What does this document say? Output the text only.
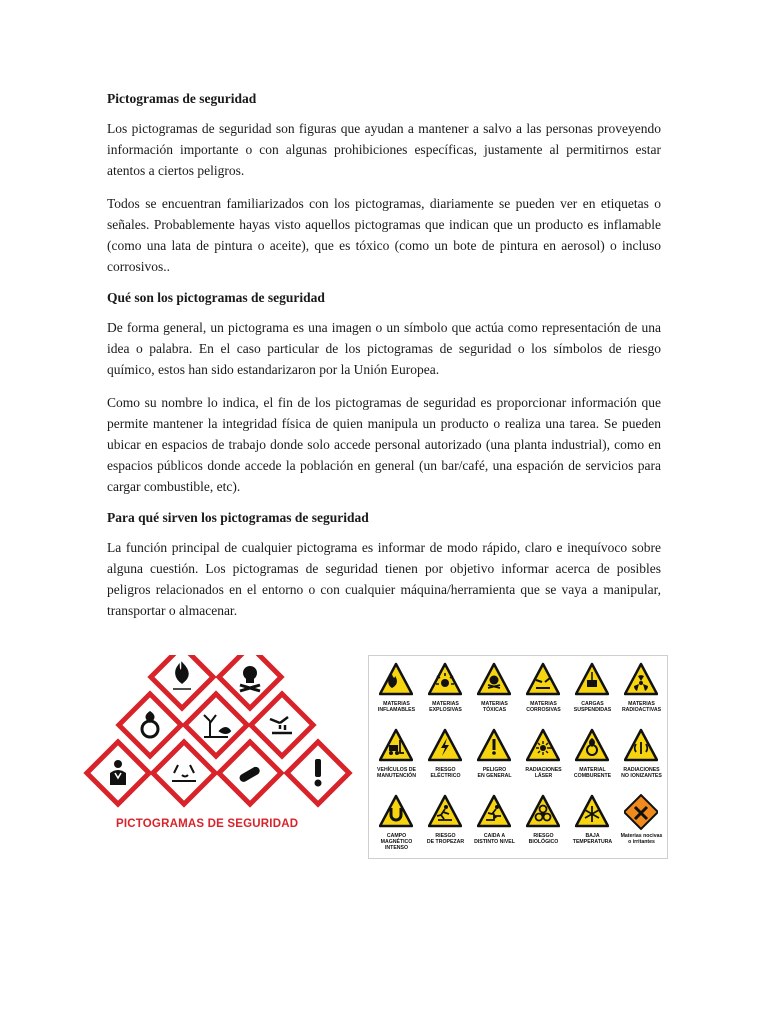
Pictogramas de seguridad

Los pictogramas de seguridad son figuras que ayudan a mantener a salvo a las personas proveyendo información importante o con algunas prohibiciones específicas, justamente al permitirnos estar atentos a ciertos peligros.

Todos se encuentran familiarizados con los pictogramas, diariamente se pueden ver en etiquetas o señales. Probablemente hayas visto aquellos pictogramas que indican que un producto es inflamable (como una lata de pintura o aceite), que es tóxico (como un bote de pintura en aerosol) o incluso corrosivos..

Qué son los pictogramas de seguridad

De forma general, un pictograma es una imagen o un símbolo que actúa como representación de una idea o palabra. En el caso particular de los pictogramas de seguridad o los símbolos de riesgo químico, estos han sido estandarizaron por la Unión Europea.

Como su nombre lo indica, el fin de los pictogramas de seguridad es proporcionar información que permite mantener la integridad física de quien manipula un producto o realiza una tarea. Se pueden ubicar en espacios de trabajo donde solo accede personal autorizado (una planta industrial), como en espacios públicos donde accede la población en general (un bar/café, una espación de servicios para cargar combustible, etc).

Para qué sirven los pictogramas de seguridad

La función principal de cualquier pictograma es informar de modo rápido, claro e inequívoco sobre alguna cuestión. Los pictogramas de seguridad tienen por objetivo informar acerca de posibles peligros relacionados en el entorno o con cualquier máquina/herramienta que se vaya a manipular, transportar o almacenar.

PICTOGRAMAS DE SEGURIDAD
MATERIAS
INFLAMABLES
MATERIAS
EXPLOSIVAS
MATERIAS
TÓXICAS
MATERIAS
CORROSIVAS
CARGAS
SUSPENDIDAS
MATERIAS
RADIOACTIVAS
VEHÍCULOS DE
MANUTENCIÓN
RIESGO
ELÉCTRICO
PELIGRO
EN GENERAL
RADIACIONES
LÁSER
MATERIAL
COMBURENTE
RADIACIONES
NO IONIZANTES
CAMPO
MAGNÉTICO INTENSO
RIESGO
DE TROPEZAR
CAIDA A
DISTINTO NIVEL
RIESGO
BIOLÓGICO
BAJA
TEMPERATURA
Materias nocivas
o irritantes
